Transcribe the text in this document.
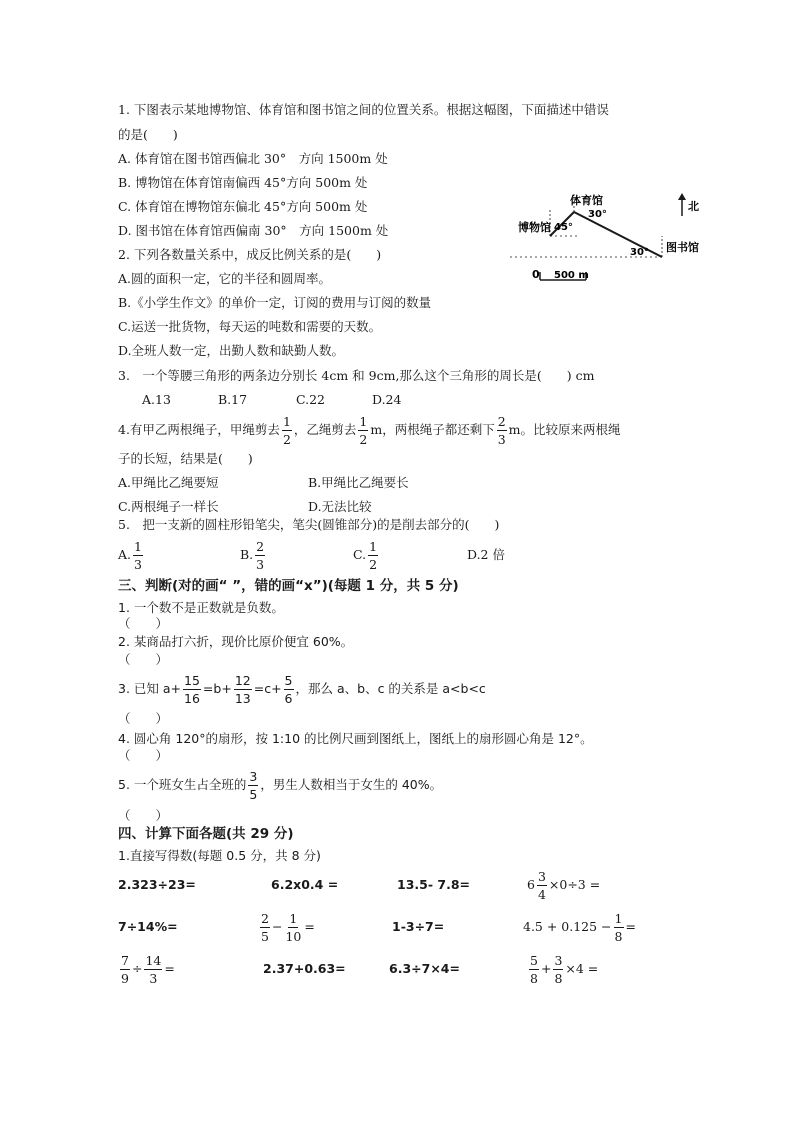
1. 下图表示某地博物馆、体育馆和图书馆之间的位置关系。根据这幅图，下面描述中错误
的是(　　)
A. 体育馆在图书馆西偏北 30°　方向 1500m 处
B. 博物馆在体育馆南偏西 45°方向 500m 处
C. 体育馆在博物馆东偏北 45°方向 500m 处
D. 图书馆在体育馆西偏南 30°　方向 1500m 处
北
博物馆
体育馆
图书馆
45°
30°
30°
0 500 m
2. 下列各数量关系中，成反比例关系的是(　　)
A.圆的面积一定，它的半径和圆周率。
B.《小学生作文》的单价一定，订阅的费用与订阅的数量
C.运送一批货物，每天运的吨数和需要的天数。
D.全班人数一定，出勤人数和缺勤人数。
3.　一个等腰三角形的两条边分别长 4cm 和 9cm,那么这个三角形的周长是(　　) cm
A.13	B.17	C.22	D.24
4.有甲乙两根绳子，甲绳剪去 $\frac{1}{2}$ ，乙绳剪去 $\frac{1}{2}$ m，两根绳子都还剩下 $\frac{2}{3}$ m。比较原来两根绳
子的长短，结果是(　　)
A.甲绳比乙绳要短	B.甲绳比乙绳要长
C.两根绳子一样长	D.无法比较
5.　把一支新的圆柱形铅笔尖，笔尖(圆锥部分)的是削去部分的(　　)
A. $\frac{1}{3}$	B. $\frac{2}{3}$	C. $\frac{1}{2}$	D.2 倍
三、判断(对的画“ ”，错的画“x”)(每题 1 分，共 5 分)
1. 一个数不是正数就是负数。
（　　）
2. 某商品打六折，现价比原价便宜 60%。
（　　）
3. 已知 $a+ \frac{15}{16} =b+ \frac{12}{13} =c+ \frac{5}{6}$ ，那么 a、b、c 的关系是 a<b<c
（　　）
4. 圆心角 120°的扇形，按 1:10 的比例尺画到图纸上，图纸上的扇形圆心角是 12°。
（　　）
5. 一个班女生占全班的 $\frac{3}{5}$ ，男生人数相当于女生的 40%。
（　　）
四、计算下面各题(共 29 分)
1.直接写得数(每题 0.5 分，共 8 分)
2.323÷23=	6.2x0.4 =	13.5- 7.8=	$6 \frac{3}{4} \times 0\div 3$ =
7÷14%=	$\frac{2}{5} - \frac{1}{10}$ =	1-3÷7=	$4.5 + 0.125 - \frac{1}{8}$ =
$\frac{7}{9} \div \frac{14}{3}$ =	2.37+0.63=	6.3÷7×4=	$\frac{5}{8} + \frac{3}{8} \times 4$ =
